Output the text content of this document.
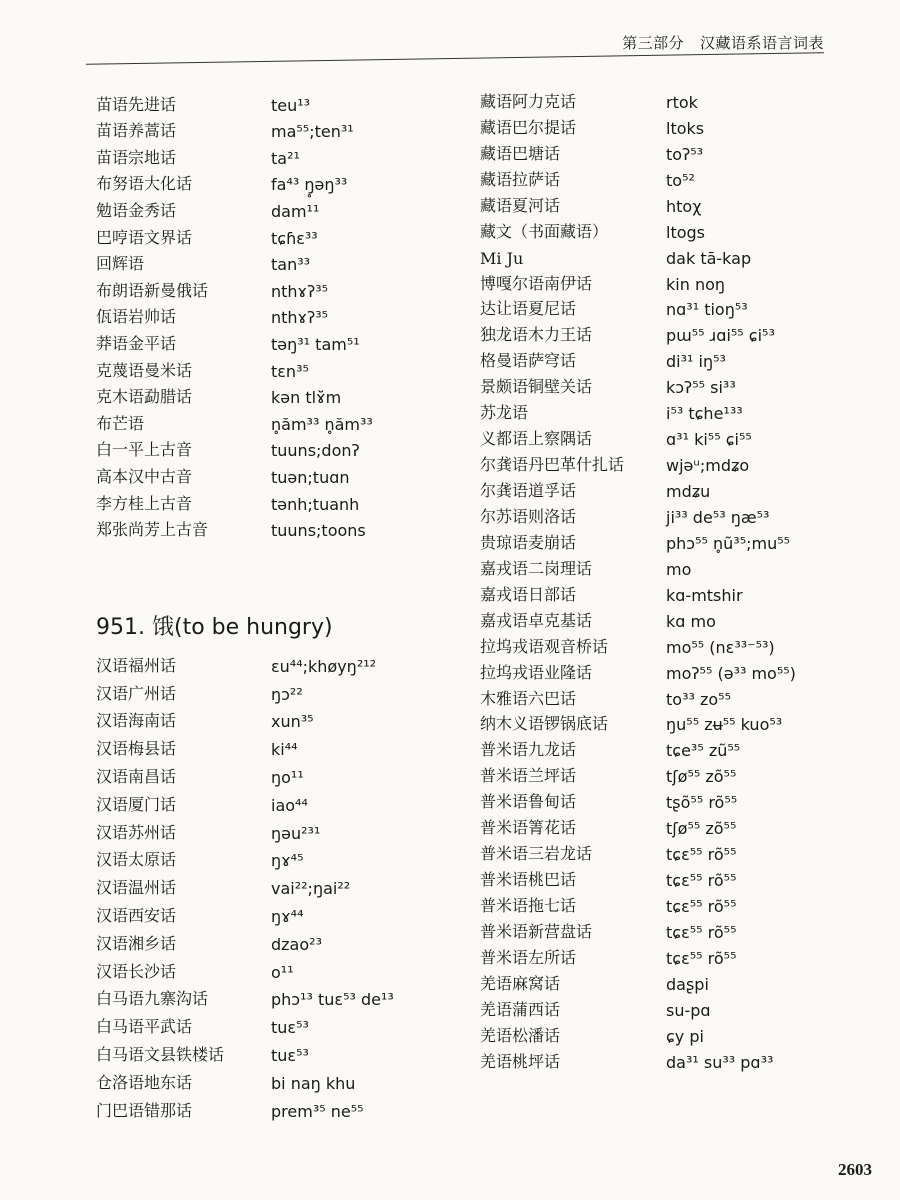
第三部分 汉藏语系语言词表
苗语先进话	teu¹³
苗语养蒿话	ma⁵⁵;ten³¹
苗语宗地话	ta²¹
布努语大化话	fa⁴³ ŋ̥əŋ³³
勉语金秀话	dam¹¹
巴哼语文界话	tɕɦɛ³³
回辉语	tan³³
布朗语新曼俄话	nthɤʔ³⁵
佤语岩帅话	nthɤʔ³⁵
莽语金平话	təŋ³¹ tam⁵¹
克蔑语曼米话	tɛn³⁵
克木语勐腊话	kən tlɤ̆m
布芒语	n̥ăm³³ n̥ăm³³
白一平上古音	tuuns;donʔ
高本汉中古音	tuən;tuɑn
李方桂上古音	tənh;tuanh
郑张尚芳上古音	tuuns;toons
951. 饿(to be hungry)
汉语福州话	ɛu⁴⁴;khøyŋ²¹²
汉语广州话	ŋɔ²²
汉语海南话	xun³⁵
汉语梅县话	ki⁴⁴
汉语南昌话	ŋo¹¹
汉语厦门话	iao⁴⁴
汉语苏州话	ŋəu²³¹
汉语太原话	ŋɤ⁴⁵
汉语温州话	vai²²;ŋai²²
汉语西安话	ŋɤ⁴⁴
汉语湘乡话	dzao²³
汉语长沙话	o¹¹
白马语九寨沟话	phɔ¹³ tuɛ⁵³ de¹³
白马语平武话	tuɛ⁵³
白马语文县铁楼话	tuɛ⁵³
仓洛语地东话	bi naŋ khu
门巴语错那话	prem³⁵ ne⁵⁵
藏语阿力克话	rtok
藏语巴尔提话	ltoks
藏语巴塘话	toʔ⁵³
藏语拉萨话	to⁵²
藏语夏河话	htoχ
藏文（书面藏语）	ltogs
Mi Ju	dak tā-kap
博嘎尔语南伊话	kin noŋ
达让语夏尼话	nɑ³¹ tioŋ⁵³
独龙语木力王话	pɯ⁵⁵ ɹɑi⁵⁵ ɕi⁵³
格曼语萨穹话	di³¹ iŋ⁵³
景颇语铜壁关话	kɔʔ⁵⁵ si³³
苏龙语	i⁵³ tɕhe¹³³
义都语上察隅话	ɑ³¹ ki⁵⁵ ɕi⁵⁵
尔龚语丹巴革什扎话	wjəᵘ;mdʑo
尔龚语道孚话	mdʑu
尔苏语则洛话	ji³³ de⁵³ ŋæ⁵³
贵琼语麦崩话	phɔ⁵⁵ n̥ũ³⁵;mu⁵⁵
嘉戎语二岗理话	mo
嘉戎语日部话	kɑ-mtshir
嘉戎语卓克基话	kɑ mo
拉坞戎语观音桥话	mo⁵⁵ (nɛ³³⁻⁵³)
拉坞戎语业隆话	moʔ⁵⁵ (ə³³ mo⁵⁵)
木雅语六巴话	to³³ zo⁵⁵
纳木义语锣锅底话	ŋu⁵⁵ zʉ⁵⁵ kuo⁵³
普米语九龙话	tɕe³⁵ zũ⁵⁵
普米语兰坪话	tʃø⁵⁵ zõ⁵⁵
普米语鲁甸话	tʂõ⁵⁵ rõ⁵⁵
普米语箐花话	tʃø⁵⁵ zõ⁵⁵
普米语三岩龙话	tɕɛ⁵⁵ rõ⁵⁵
普米语桃巴话	tɕɛ⁵⁵ rõ⁵⁵
普米语拖七话	tɕɛ⁵⁵ rõ⁵⁵
普米语新营盘话	tɕɛ⁵⁵ rõ⁵⁵
普米语左所话	tɕɛ⁵⁵ rõ⁵⁵
羌语麻窝话	daʂpi
羌语蒲西话	su-pɑ
羌语松潘话	ɕy pi
羌语桃坪话	da³¹ su³³ pɑ³³
2603
